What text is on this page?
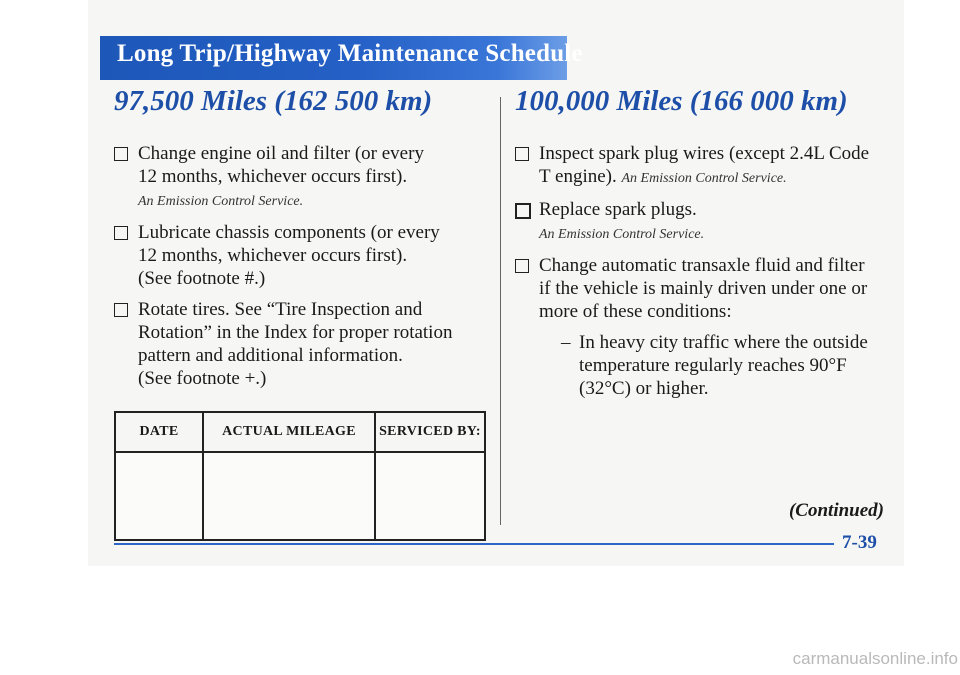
Long Trip/Highway Maintenance Schedule
97,500 Miles (162 500 km)	100,000 Miles (166 000 km)
Change engine oil and filter (or every
12 months, whichever occurs first).
An Emission Control Service.
Lubricate chassis components (or every
12 months, whichever occurs first).
(See footnote #.)
Rotate tires. See “Tire Inspection and
Rotation” in the Index for proper rotation
pattern and additional information.
(See footnote +.)
DATE	ACTUAL MILEAGE	SERVICED BY:

Inspect spark plug wires (except 2.4L Code
T engine). An Emission Control Service.
Replace spark plugs.
An Emission Control Service.
Change automatic transaxle fluid and filter
if the vehicle is mainly driven under one or
more of these conditions:
– In heavy city traffic where the outside
temperature regularly reaches 90°F
(32°C) or higher.
(Continued)
7-39
carmanualsonline.info
